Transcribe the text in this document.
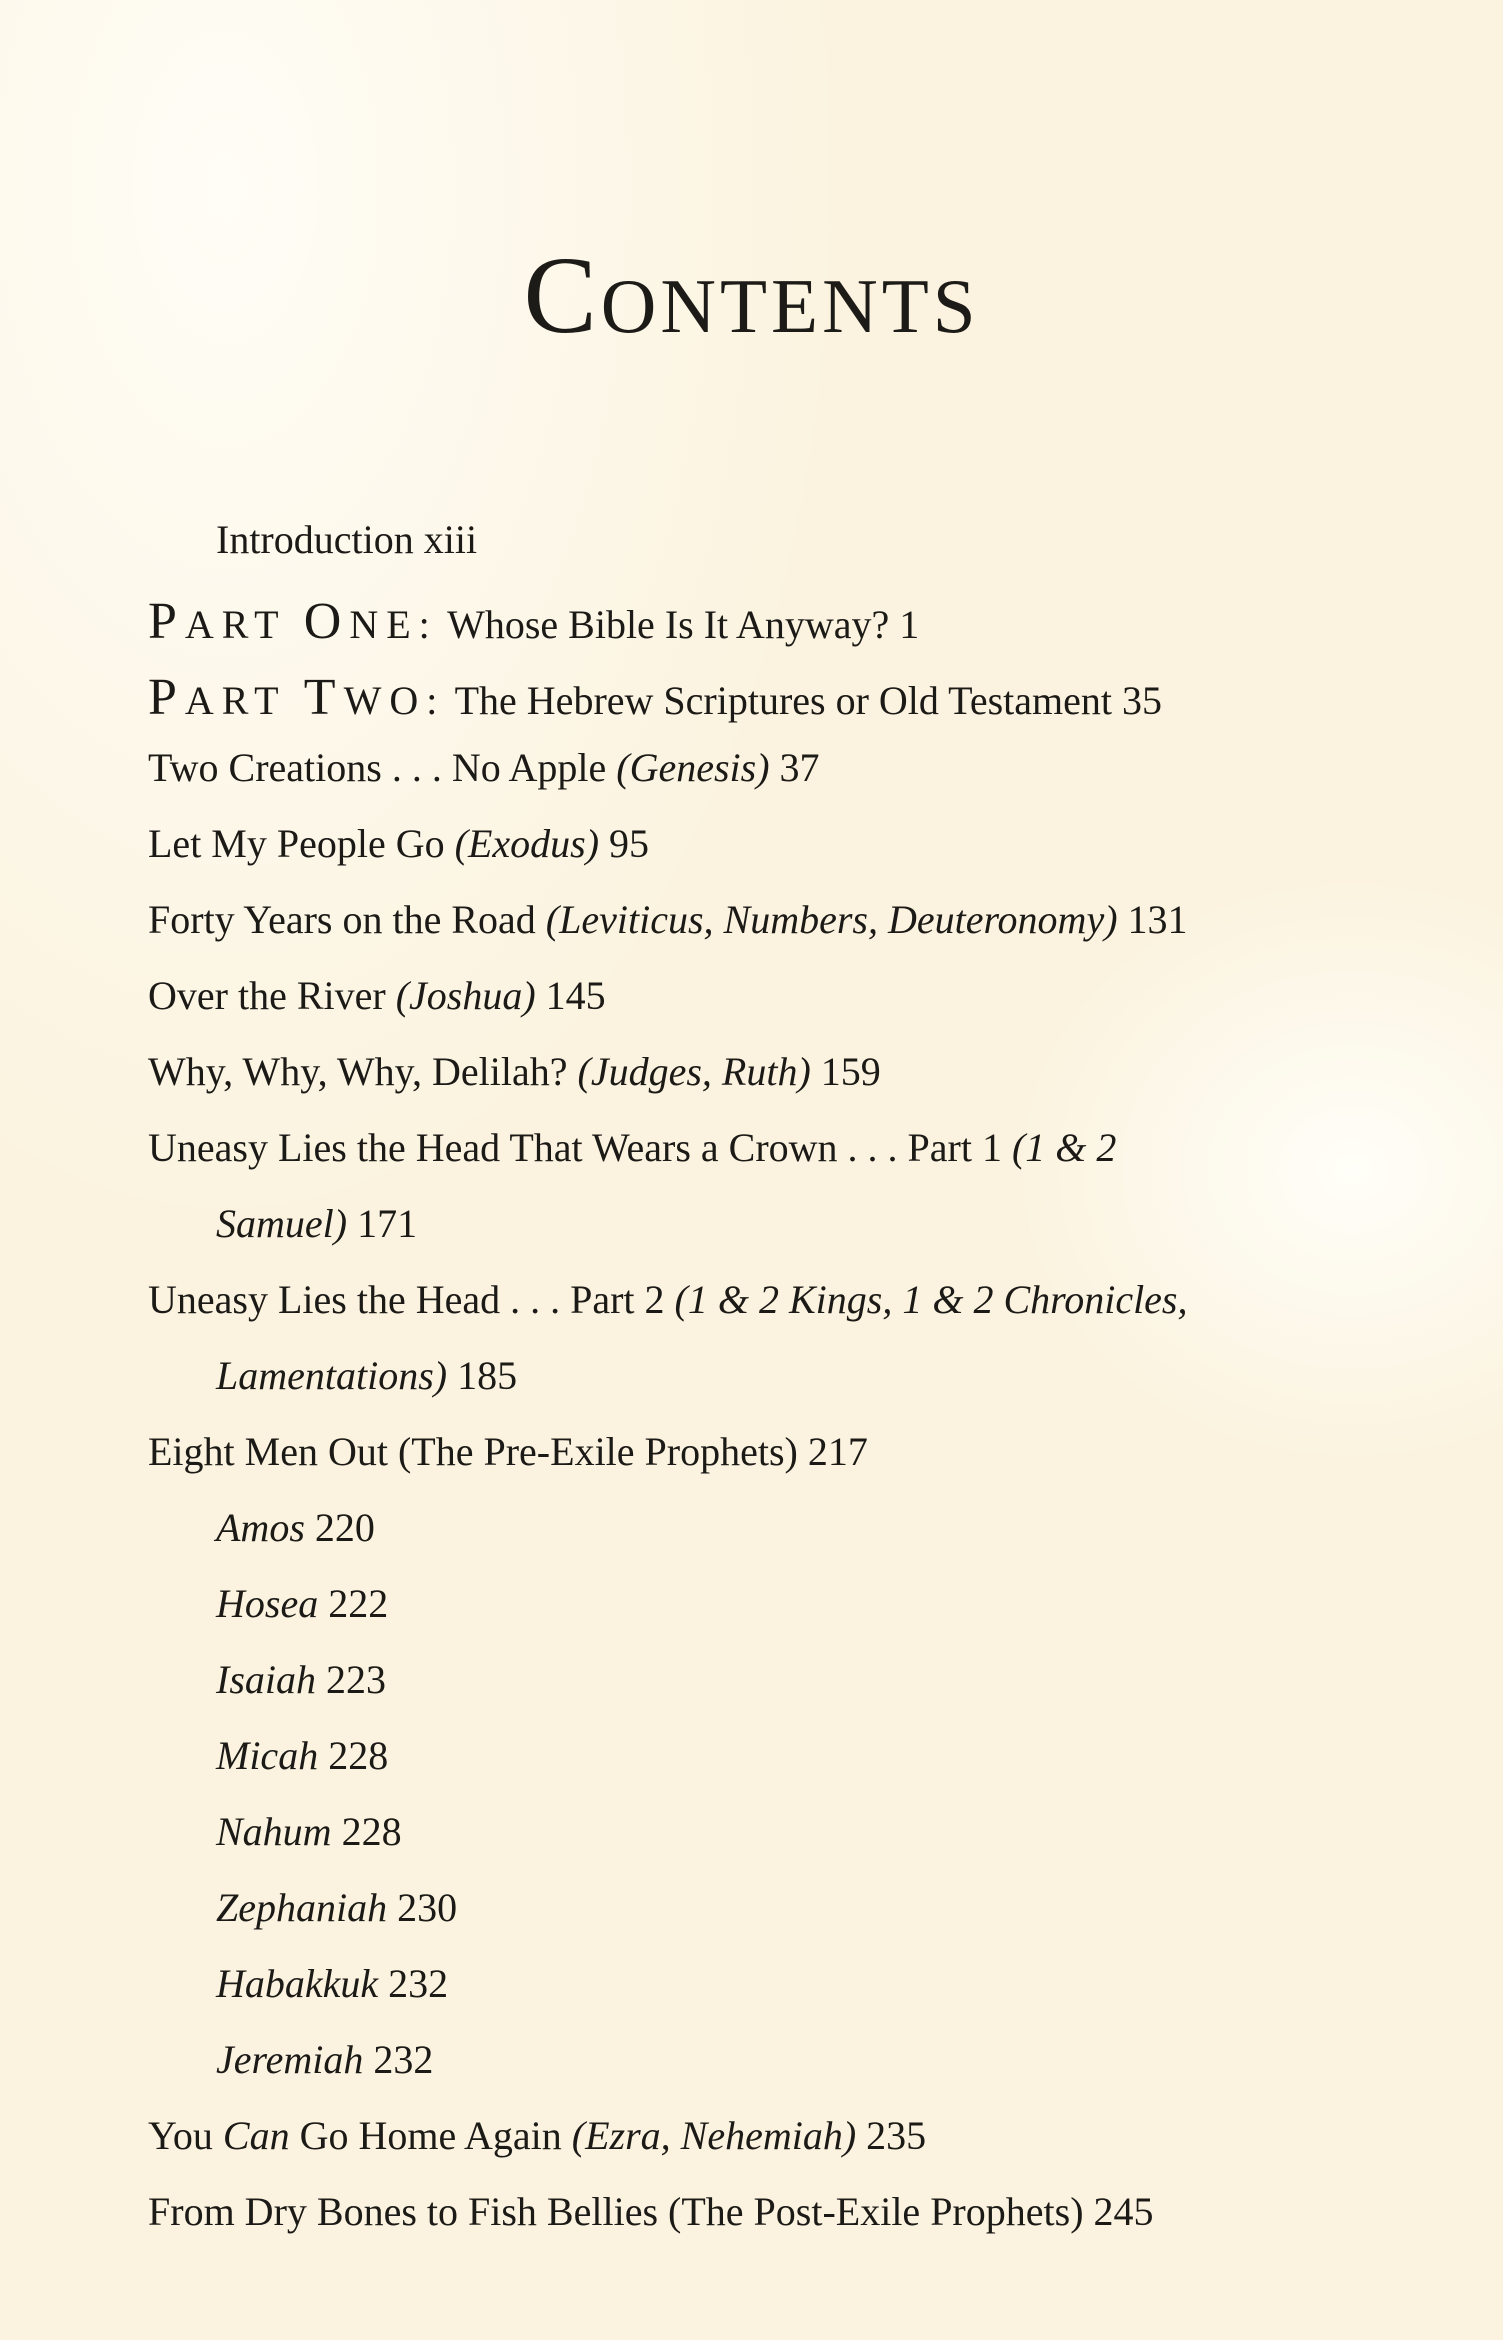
Contents
Introduction xiii
PART ONE: Whose Bible Is It Anyway? 1
PART TWO: The Hebrew Scriptures or Old Testament 35
Two Creations . . . No Apple (Genesis) 37
Let My People Go (Exodus) 95
Forty Years on the Road (Leviticus, Numbers, Deuteronomy) 131
Over the River (Joshua) 145
Why, Why, Why, Delilah? (Judges, Ruth) 159
Uneasy Lies the Head That Wears a Crown . . . Part 1 (1 & 2
Samuel) 171
Uneasy Lies the Head . . . Part 2 (1 & 2 Kings, 1 & 2 Chronicles,
Lamentations) 185
Eight Men Out (The Pre-Exile Prophets) 217
Amos 220
Hosea 222
Isaiah 223
Micah 228
Nahum 228
Zephaniah 230
Habakkuk 232
Jeremiah 232
You Can Go Home Again (Ezra, Nehemiah) 235
From Dry Bones to Fish Bellies (The Post-Exile Prophets) 245
